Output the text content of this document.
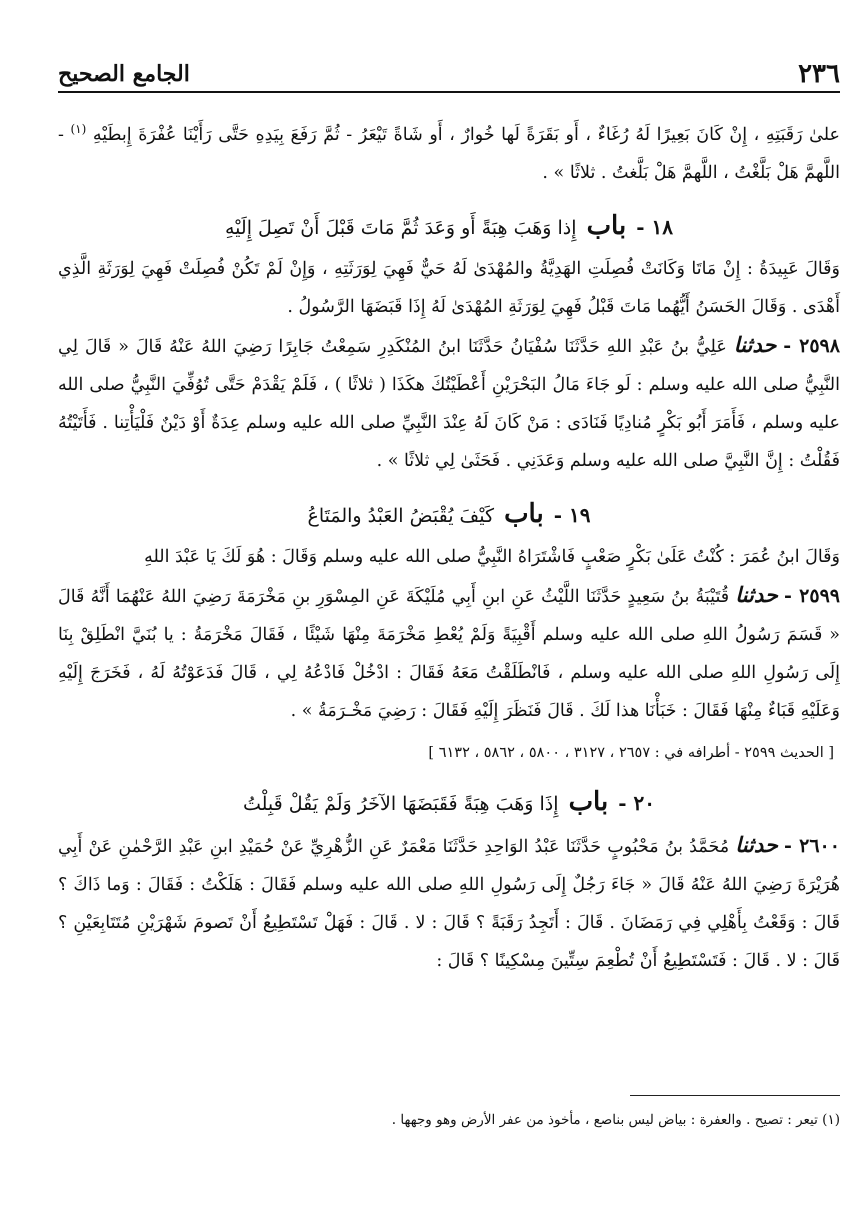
٢٣٦
الجامع الصحيح

علىٰ رَقَبَتِهِ ، إِنْ كَانَ بَعِيرًا لَهُ رُغَاءٌ ، أَو بَقَرَةً لَها خُوارٌ ، أَو شَاةً تَيْعَرُ - ثُمَّ رَفَعَ بِيَدِهِ حَتَّى رَأَيْنَا عُفْرَةَ إِبطَيْهِ $^{(١)}$ - اللَّهمَّ هَلْ بَلَّغْتُ ، اللَّهمَّ هَلْ بَلَّغتُ . ثلاثًا » .

١٨ - باب إِذا وَهَبَ هِبَةً أَو وَعَدَ ثُمَّ مَاتَ قَبْلَ أَنْ تَصِلَ إِلَيْهِ

وَقَالَ عَبِيدَةُ : إِنْ مَاتَا وَكَانَتْ فُصِلَتِ الهَدِيَّةُ والمُهْدَىٰ لَهُ حَيٌّ فَهِيَ لِوَرَثَتِهِ ، وَإِنْ لَمْ تَكُنْ فُصِلَتْ فَهِيَ لِوَرَثَةِ الَّذِي أَهْدَى . وَقَالَ الحَسَنُ أَيُّهُما مَاتَ قَبْلُ فَهِيَ لِوَرَثَةِ المُهْدَىٰ لَهُ إِذَا قَبَضَهَا الرَّسُولُ .

٢٥٩٨ - حدثنا عَلِيُّ بنُ عَبْدِ اللهِ حَدَّثَنَا سُفْيَانُ حَدَّثَنَا ابنُ المُنْكَدِرِ سَمِعْتُ جَابِرًا رَضِيَ اللهُ عَنْهُ قَالَ « قَالَ لِي النَّبِيُّ صلى الله عليه وسلم : لَو جَاءَ مَالُ البَحْرَيْنِ أَعْطَيْتُكَ هكَذَا ( ثلاثًا ) ، فَلَمْ يَقْدَمْ حَتَّى تُوُفِّيَ النَّبِيُّ صلى الله عليه وسلم ، فَأَمَرَ أَبُو بَكْرٍ مُنادِيًا فَنَادَى : مَنْ كَانَ لَهُ عِنْدَ النَّبِيِّ صلى الله عليه وسلم عِدَةٌ أَوْ دَيْنٌ فَلْيَأْتِنا . فَأَتَيْتُهُ فَقُلْتُ : إِنَّ النَّبِيَّ صلى الله عليه وسلم وَعَدَنِي . فَحَثَىٰ لِي ثلاثًا » .

١٩ - باب كَيْفَ يُقْبَضُ العَبْدُ والمَتَاعُ

وَقَالَ ابنُ عُمَرَ : كُنْتُ عَلَىٰ بَكْرٍ صَعْبٍ فَاشْتَرَاهُ النَّبِيُّ صلى الله عليه وسلم وَقَالَ : هُوَ لَكَ يَا عَبْدَ اللهِ

٢٥٩٩ - حدثنا قُتَيْبَةُ بنُ سَعِيدٍ حَدَّثَنَا اللَّيْثُ عَنِ ابنِ أَبِي مُلَيْكَةَ عَنِ المِسْوَرِ بنِ مَخْرَمَةَ رَضِيَ اللهُ عَنْهُمَا أَنَّهُ قَالَ « قَسَمَ رَسُولُ اللهِ صلى الله عليه وسلم أَقْبِيَةً وَلَمْ يُعْطِ مَخْرَمَةَ مِنْهَا شَيْئًا ، فَقَالَ مَخْرَمَةُ : يا بُنَيَّ انْطَلِقْ بِنَا إِلَى رَسُولِ اللهِ صلى الله عليه وسلم ، فَانْطَلَقْتُ مَعَهُ فَقَالَ : ادْخُلْ فَادْعُهُ لِي ، قَالَ فَدَعَوْتُهُ لَهُ ، فَخَرَجَ إِلَيْهِ وَعَلَيْهِ قَبَاءٌ مِنْهَا فَقَالَ : خَبَأْنَا هذا لَكَ . قَالَ فَنَظَرَ إِلَيْهِ فَقَالَ : رَضِيَ مَخْـرَمَةُ » .

[ الحديث ٢٥٩٩ - أطرافه في : ٢٦٥٧ ، ٣١٢٧ ، ٥٨٠٠ ، ٥٨٦٢ ، ٦١٣٢ ]
٢٠ - باب إِذَا وَهَبَ هِبَةً فَقَبَضَهَا الآخَرُ وَلَمْ يَقُلْ قَبِلْتُ

٢٦٠٠ - حدثنا مُحَمَّدُ بنُ مَحْبُوبٍ حَدَّثَنَا عَبْدُ الوَاحِدِ حَدَّثَنَا مَعْمَرٌ عَنِ الزُّهْرِيِّ عَنْ حُمَيْدِ ابنِ عَبْدِ الرَّحْمٰنِ عَنْ أَبِي هُرَيْرَةَ رَضِيَ اللهُ عَنْهُ قَالَ « جَاءَ رَجُلٌ إِلَى رَسُولِ اللهِ صلى الله عليه وسلم فَقَالَ : هَلَكْتُ : فَقَالَ : وَما ذَاكَ ؟ قَالَ : وَقَعْتُ بِأَهْلِي فِي رَمَضَانَ . قَالَ : أَتَجِدُ رَقَبَةً ؟ قَالَ : لا . قَالَ : فَهَلْ تَسْتَطِيعُ أَنْ تَصومَ شَهْرَيْنِ مُتَتَابِعَيْنِ ؟ قَالَ : لا . قَالَ : فَتَسْتَطِيعُ أَنْ تُطْعِمَ سِتِّينَ مِسْكِينًا ؟ قَالَ :

(١) تيعر : تصيح . والعفرة : بياض ليس بناصع ، مأخوذ من عفر الأرض وهو وجهها .
